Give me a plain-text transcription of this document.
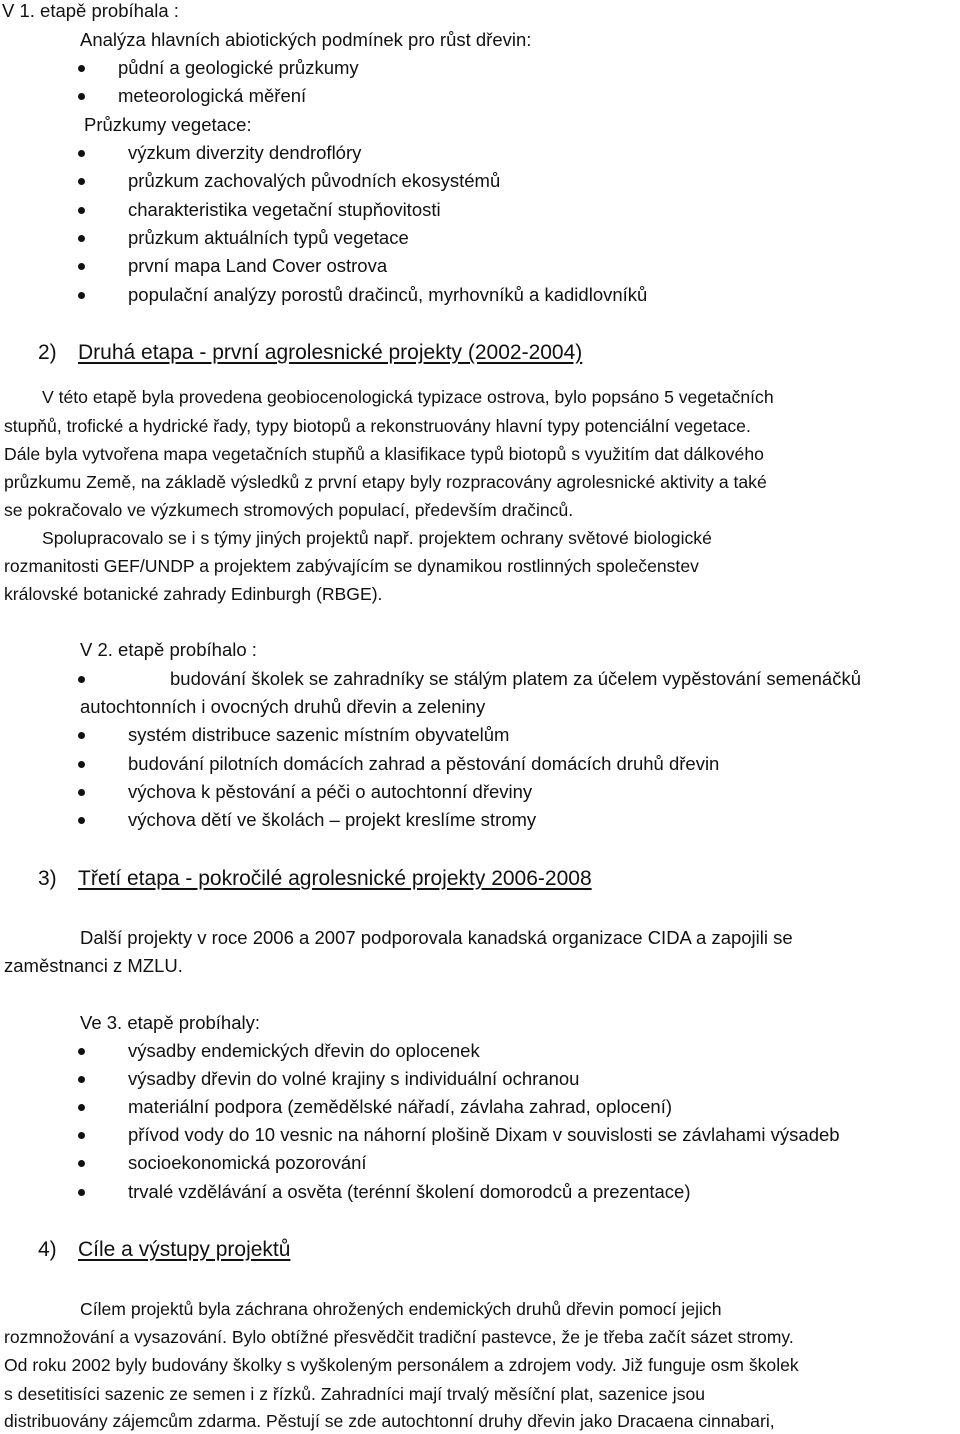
V 1. etapě probíhala :
Analýza hlavních abiotických podmínek pro růst dřevin:
půdní a geologické průzkumy
meteorologická měření
Průzkumy vegetace:
výzkum diverzity dendroflóry
průzkum zachovalých původních ekosystémů
charakteristika vegetační stupňovitosti
průzkum aktuálních typů vegetace
první mapa Land Cover ostrova
populační analýzy porostů dračinců, myrhovníků a kadidlovníků
2) Druhá etapa - první agrolesnické projekty (2002-2004)
V této etapě byla provedena geobiocenologická typizace ostrova, bylo popsáno 5 vegetačních
stupňů, trofické a hydrické řady, typy biotopů a rekonstruovány hlavní typy potenciální vegetace.
Dále byla vytvořena mapa vegetačních stupňů a klasifikace typů biotopů s využitím dat dálkového
průzkumu Země, na základě výsledků z první etapy byly rozpracovány agrolesnické aktivity a také
se pokračovalo ve výzkumech stromových populací, především dračinců.
Spolupracovalo se i s týmy jiných projektů např. projektem ochrany světové biologické
rozmanitosti GEF/UNDP a projektem zabývajícím se dynamikou rostlinných společenstev
královské botanické zahrady Edinburgh (RBGE).
V 2. etapě probíhalo :
budování školek se zahradníky se stálým platem za účelem vypěstování semenáčků
autochtonních i ovocných druhů dřevin a zeleniny
systém distribuce sazenic místním obyvatelům
budování pilotních domácích zahrad a pěstování domácích druhů dřevin
výchova k pěstování a péči o autochtonní dřeviny
výchova dětí ve školách – projekt kreslíme stromy
3) Třetí etapa - pokročilé agrolesnické projekty 2006-2008
Další projekty v roce 2006 a 2007 podporovala kanadská organizace CIDA a zapojili se
zaměstnanci z MZLU.
Ve 3. etapě probíhaly:
výsadby endemických dřevin do oplocenek
výsadby dřevin do volné krajiny s individuální ochranou
materiální podpora (zemědělské nářadí, závlaha zahrad, oplocení)
přívod vody do 10 vesnic na náhorní plošině Dixam v souvislosti se závlahami výsadeb
socioekonomická pozorování
trvalé vzdělávání a osvěta (terénní školení domorodců a prezentace)
4) Cíle a výstupy projektů
Cílem projektů byla záchrana ohrožených endemických druhů dřevin pomocí jejich
rozmnožování a vysazování. Bylo obtížné přesvědčit tradiční pastevce, že je třeba začít sázet stromy.
Od roku 2002 byly budovány školky s vyškoleným personálem a zdrojem vody. Již funguje osm školek
s desetitisíci sazenic ze semen i z řízků. Zahradníci mají trvalý měsíční plat, sazenice jsou
distribuovány zájemcům zdarma. Pěstují se zde autochtonní druhy dřevin jako Dracaena cinnabari,
